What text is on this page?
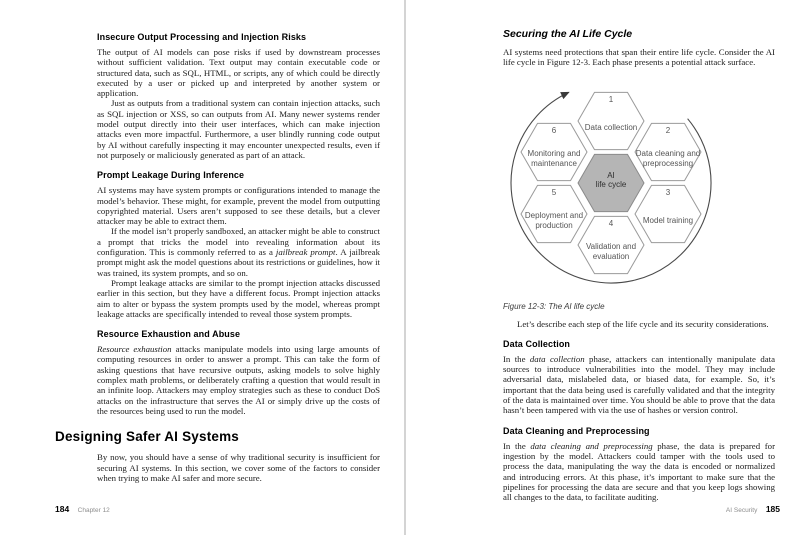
Insecure Output Processing and Injection Risks

The output of AI models can pose risks if used by downstream processes without sufficient validation. Text output may contain executable code or structured data, such as SQL, HTML, or scripts, any of which could be directly executed by a user or picked up and interpreted by another system or application.

Just as outputs from a traditional system can contain injection attacks, such as SQL injection or XSS, so can outputs from AI. Many newer systems render model output directly into their user interfaces, which can make injection attacks even more impactful. Furthermore, a user blindly running code output by AI without carefully inspecting it may encounter unexpected results, even if not purposely or maliciously generated as part of an attack.

Prompt Leakage During Inference

AI systems may have system prompts or configurations intended to manage the model’s behavior. These might, for example, prevent the model from outputting copyrighted material. Users aren’t supposed to see these details, but a clever attacker may be able to extract them.

If the model isn’t properly sandboxed, an attacker might be able to construct a prompt that tricks the model into revealing information about its configuration. This is commonly referred to as a jailbreak prompt. A jailbreak prompt might ask the model questions about its restrictions or guidelines, how it was trained, its system prompts, and so on.

Prompt leakage attacks are similar to the prompt injection attacks discussed earlier in this section, but they have a different focus. Prompt injection attacks aim to alter or bypass the system prompts used by the model, whereas prompt leakage attacks are specifically intended to reveal those system prompts.

Resource Exhaustion and Abuse

Resource exhaustion attacks manipulate models into using large amounts of computing resources in order to answer a prompt. This can take the form of asking questions that have recursive outputs, asking models to solve highly complex math problems, or deliberately crafting a question that would result in an infinite loop. Attackers may employ strategies such as these to conduct DoS attacks on the infrastructure that serves the AI or simply drive up the costs of the resources being used to run the model.

Designing Safer AI Systems

By now, you should have a sense of why traditional security is insufficient for securing AI systems. In this section, we cover some of the factors to consider when trying to make AI safer and more secure.

184 Chapter 12
Securing the AI Life Cycle

AI systems need protections that span their entire life cycle. Consider the AI life cycle in Figure 12-3. Each phase presents a potential attack surface.

1
Data collection	2
Data cleaning and preprocessing
3
Model training
4
Validation and evaluation
5
Deployment and production
6
Monitoring and maintenance
AI
life cycle
Figure 12-3: The AI life cycle

Let’s describe each step of the life cycle and its security considerations.

Data Collection

In the data collection phase, attackers can intentionally manipulate data sources to introduce vulnerabilities into the model. They may include adversarial data, mislabeled data, or biased data, for example. So, it’s important that the data being used is carefully validated and that the integrity of the data is maintained over time. You should be able to prove that the data hasn’t been tampered with via the use of hashes or version control.

Data Cleaning and Preprocessing

In the data cleaning and preprocessing phase, the data is prepared for ingestion by the model. Attackers could tamper with the tools used to process the data, manipulating the way the data is encoded or normalized and introducing errors. At this phase, it’s important to make sure that the pipelines for processing the data are secure and that you keep logs showing all changes to the data, to facilitate auditing.

AI Security 185
